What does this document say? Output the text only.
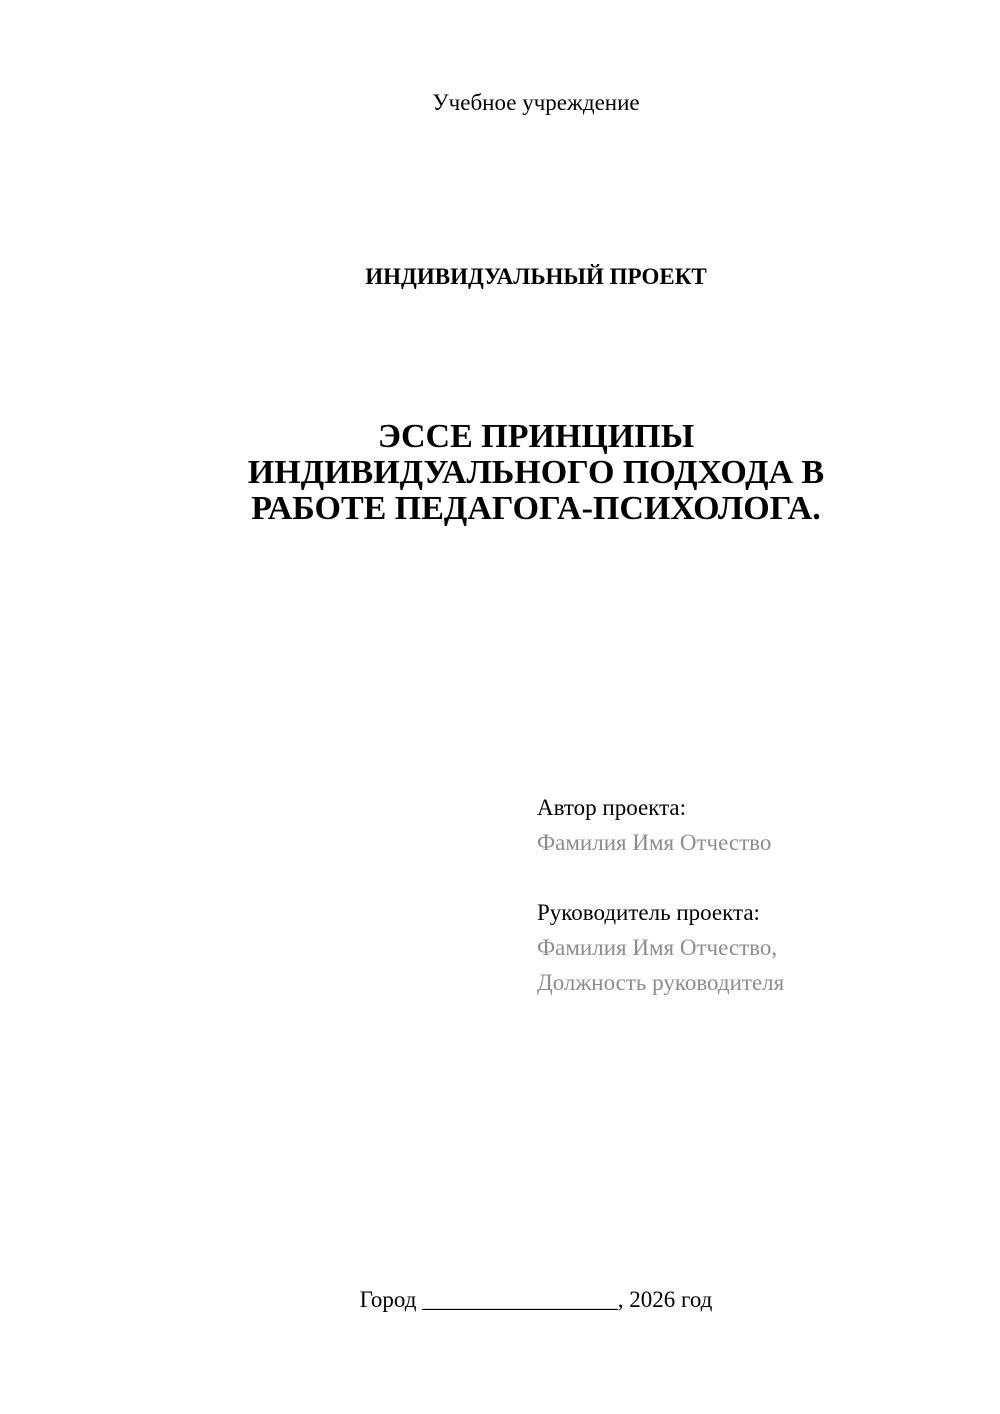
Учебное учреждение
ИНДИВИДУАЛЬНЫЙ ПРОЕКТ
ЭССЕ ПРИНЦИПЫ
ИНДИВИДУАЛЬНОГО ПОДХОДА В
РАБОТЕ ПЕДАГОГА-ПСИХОЛОГА.
Автор проекта:
Фамилия Имя Отчество
Руководитель проекта:
Фамилия Имя Отчество,
Должность руководителя
Город _________________, 2026 год
